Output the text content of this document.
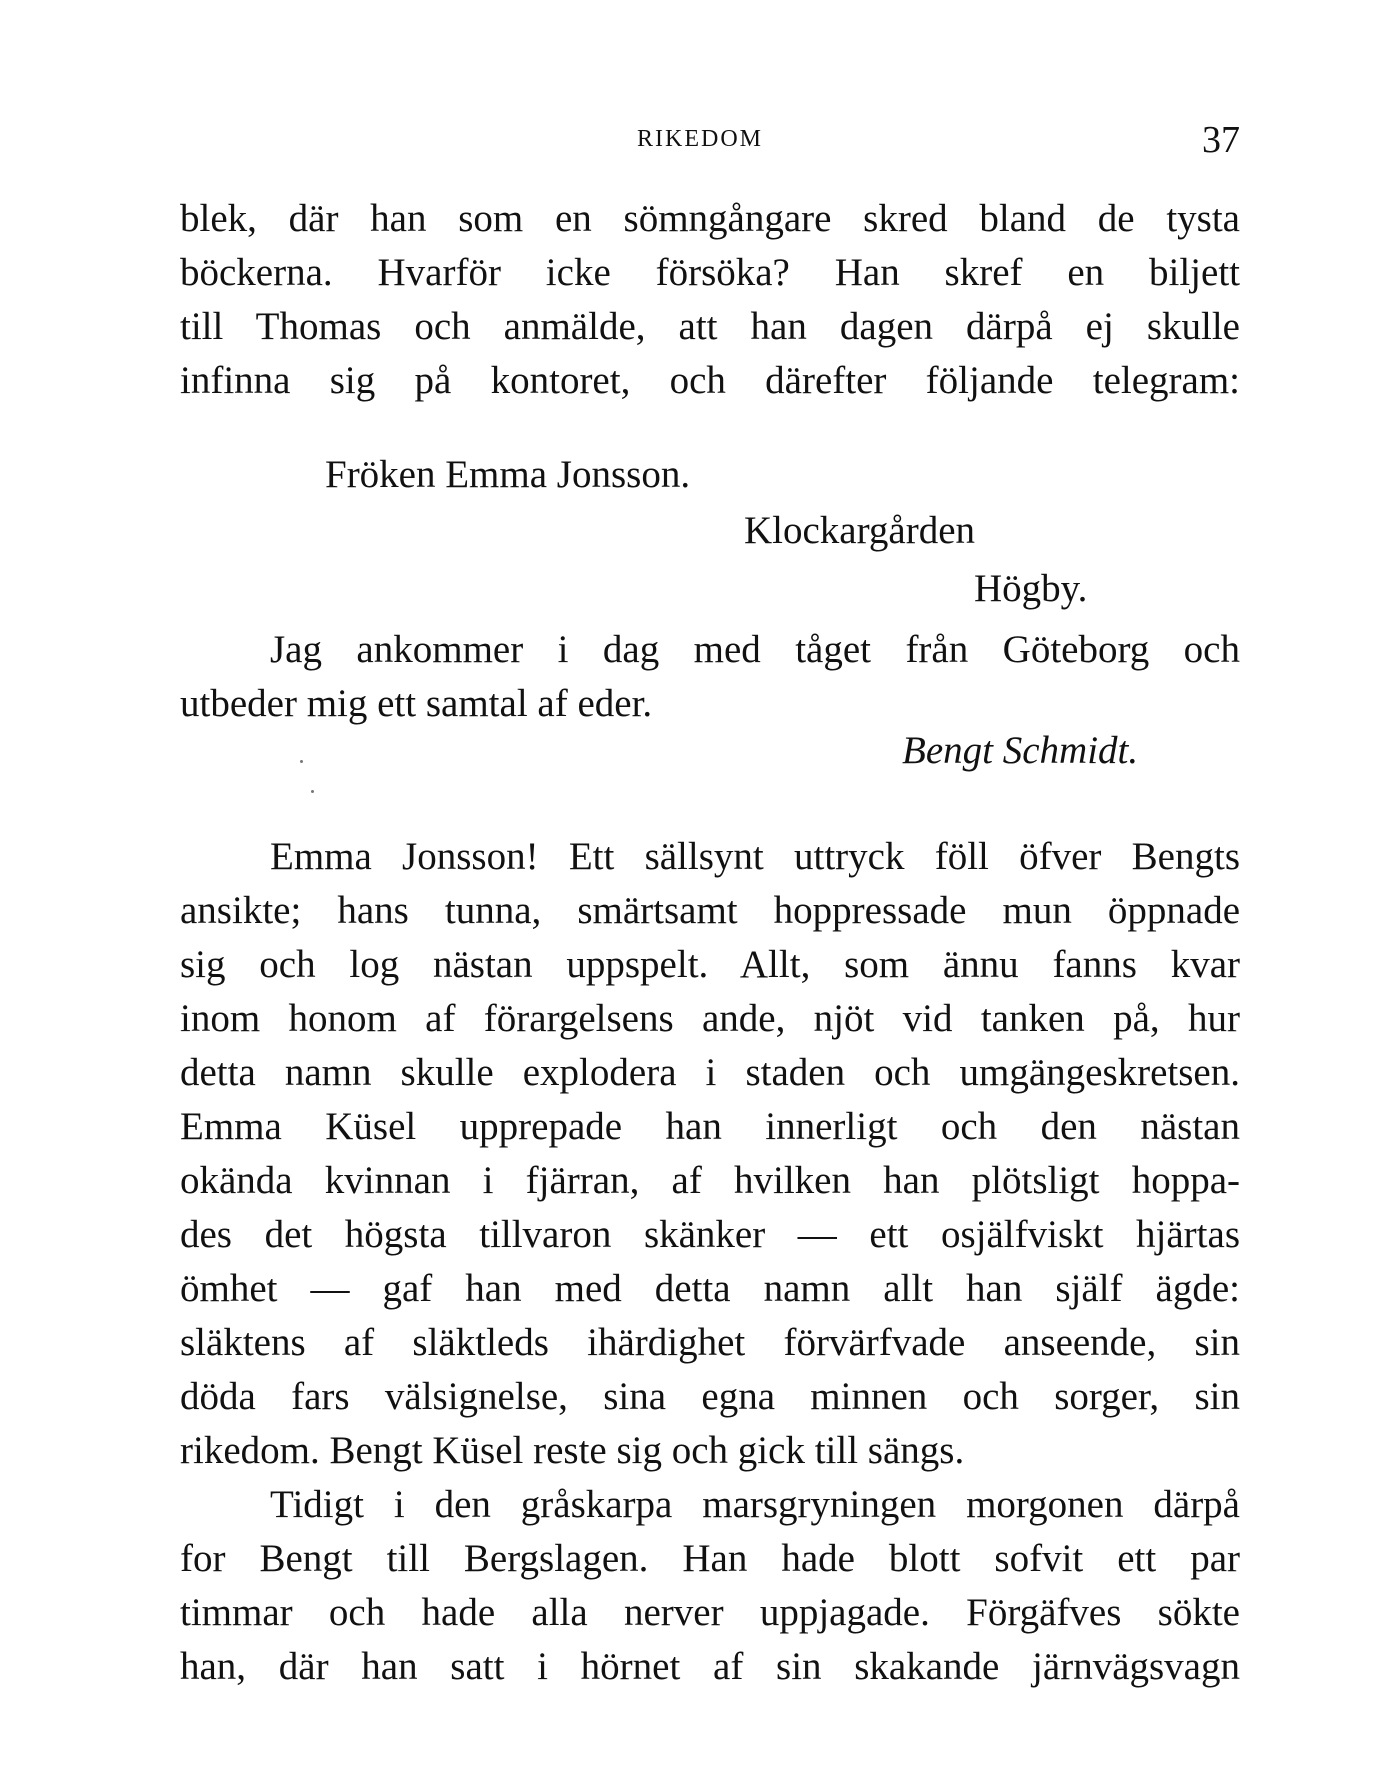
RIKEDOM	37
blek, där han som en sömngångare skred bland de tysta
böckerna. Hvarför icke försöka? Han skref en biljett
till Thomas och anmälde, att han dagen därpå ej skulle
infinna sig på kontoret, och därefter följande telegram:
Fröken Emma Jonsson.
Klockargården
Högby.
Jag ankommer i dag med tåget från Göteborg och
utbeder mig ett samtal af eder.
Bengt Schmidt.
Emma Jonsson! Ett sällsynt uttryck föll öfver Bengts
ansikte; hans tunna, smärtsamt hoppressade mun öppnade
sig och log nästan uppspelt. Allt, som ännu fanns kvar
inom honom af förargelsens ande, njöt vid tanken på, hur
detta namn skulle explodera i staden och umgängeskretsen.
Emma Küsel upprepade han innerligt och den nästan
okända kvinnan i fjärran, af hvilken han plötsligt hoppa-
des det högsta tillvaron skänker — ett osjälfviskt hjärtas
ömhet — gaf han med detta namn allt han själf ägde:
släktens af släktleds ihärdighet förvärfvade anseende, sin
döda fars välsignelse, sina egna minnen och sorger, sin
rikedom. Bengt Küsel reste sig och gick till sängs.
Tidigt i den gråskarpa marsgryningen morgonen därpå
for Bengt till Bergslagen. Han hade blott sofvit ett par
timmar och hade alla nerver uppjagade. Förgäfves sökte
han, där han satt i hörnet af sin skakande järnvägsvagn
